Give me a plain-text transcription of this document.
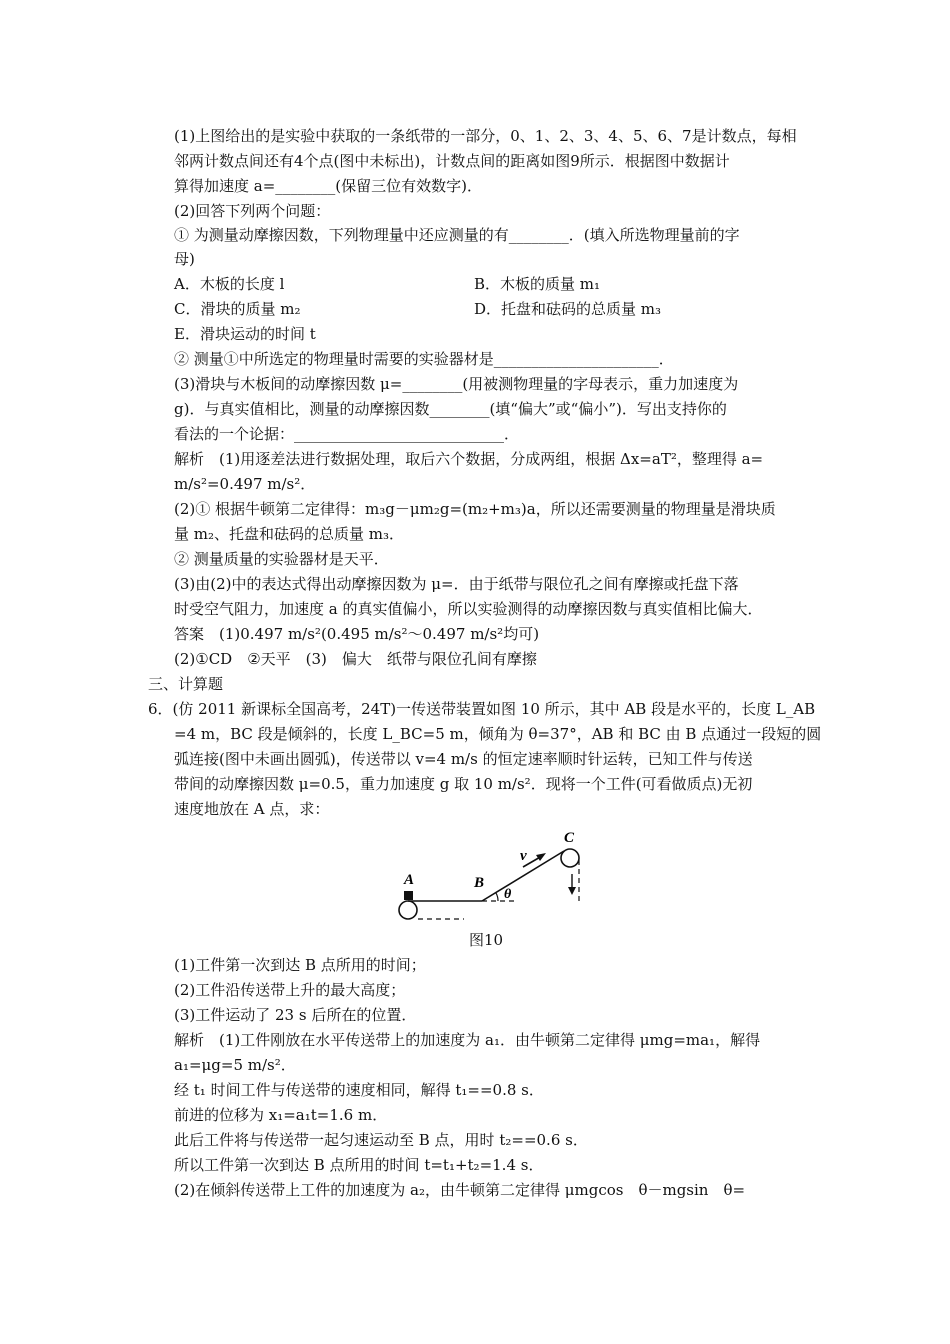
(1)上图给出的是实验中获取的一条纸带的一部分，0、1、2、3、4、5、6、7是计数点，每相
邻两计数点间还有4个点(图中未标出)，计数点间的距离如图9所示．根据图中数据计
算得加速度 a=________(保留三位有效数字)．
(2)回答下列两个问题：
① 为测量动摩擦因数，下列物理量中还应测量的有________．(填入所选物理量前的字
母)
A．木板的长度 l	B．木板的质量 m₁
C．滑块的质量 m₂	D．托盘和砝码的总质量 m₃
E．滑块运动的时间 t
② 测量①中所选定的物理量时需要的实验器材是______________________．
(3)滑块与木板间的动摩擦因数 μ=________(用被测物理量的字母表示，重力加速度为
g)．与真实值相比，测量的动摩擦因数________(填“偏大”或“偏小”)．写出支持你的
看法的一个论据：____________________________．
解析　(1)用逐差法进行数据处理，取后六个数据，分成两组，根据 Δx=aT²，整理得 a=
m/s²=0.497 m/s²．
(2)① 根据牛顿第二定律得：m₃g－μm₂g=(m₂+m₃)a，所以还需要测量的物理量是滑块质
量 m₂、托盘和砝码的总质量 m₃．
② 测量质量的实验器材是天平．
(3)由(2)中的表达式得出动摩擦因数为 μ=．由于纸带与限位孔之间有摩擦或托盘下落
时受空气阻力，加速度 a 的真实值偏小，所以实验测得的动摩擦因数与真实值相比偏大．
答案　(1)0.497 m/s²(0.495 m/s²～0.497 m/s²均可)
(2)①CD　②天平　(3)　偏大　纸带与限位孔间有摩擦
三、计算题
6．(仿 2011 新课标全国高考，24T)一传送带装置如图 10 所示，其中 AB 段是水平的，长度 L_AB
=4 m，BC 段是倾斜的，长度 L_BC=5 m，倾角为 θ=37°，AB 和 BC 由 B 点通过一段短的圆
弧连接(图中未画出圆弧)，传送带以 v=4 m/s 的恒定速率顺时针运转，已知工件与传送
带间的动摩擦因数 μ=0.5，重力加速度 g 取 10 m/s²．现将一个工件(可看做质点)无初
速度地放在 A 点，求：
A	B
C
v
θ
图10
(1)工件第一次到达 B 点所用的时间；
(2)工件沿传送带上升的最大高度；
(3)工件运动了 23 s 后所在的位置．
解析　(1)工件刚放在水平传送带上的加速度为 a₁．由牛顿第二定律得 μmg=ma₁，解得
a₁=μg=5 m/s²．
经 t₁ 时间工件与传送带的速度相同，解得 t₁==0.8 s．
前进的位移为 x₁=a₁t=1.6 m．
此后工件将与传送带一起匀速运动至 B 点，用时 t₂==0.6 s．
所以工件第一次到达 B 点所用的时间 t=t₁+t₂=1.4 s．
(2)在倾斜传送带上工件的加速度为 a₂，由牛顿第二定律得 μmgcos　θ－mgsin　θ=
